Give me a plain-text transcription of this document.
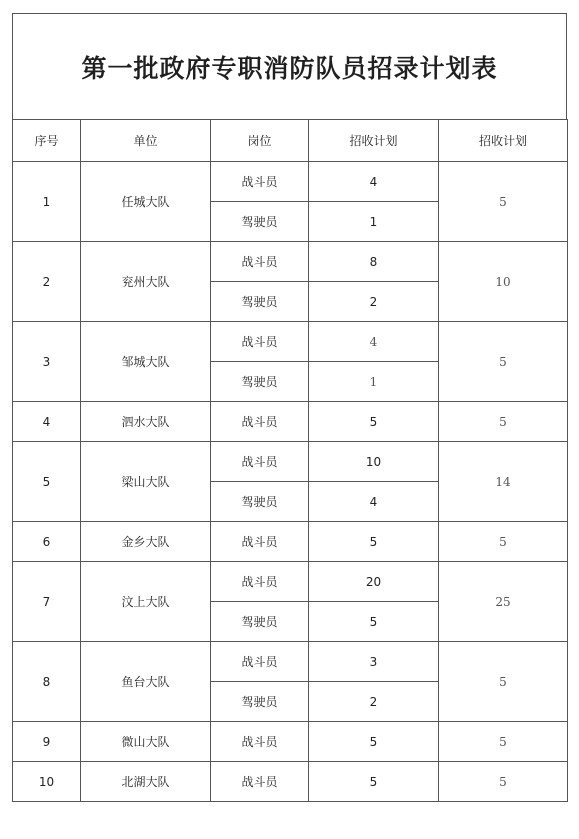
第一批政府专职消防队员招录计划表
序号	单位	岗位	招收计划	招收计划
1	任城大队	战斗员	4	5
		驾驶员	1	
2	兖州大队	战斗员	8	10
		驾驶员	2	
3	邹城大队	战斗员	4	5
		驾驶员	1	
4	泗水大队	战斗员	5	5
5	梁山大队	战斗员	10	14
		驾驶员	4	
6	金乡大队	战斗员	5	5
7	汶上大队	战斗员	20	25
		驾驶员	5	
8	鱼台大队	战斗员	3	5
		驾驶员	2	
9	微山大队	战斗员	5	5
10	北湖大队	战斗员	5	5
